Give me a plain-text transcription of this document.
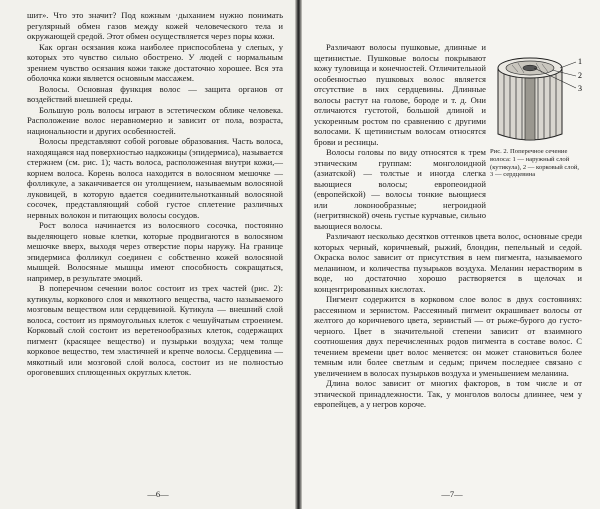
шит». Что это значит? Под кожным ·дыханием нужно понимать регулярный обмен газов между кожей человеческого тела и окружающей средой. Этот обмен осуществляется через поры кожи.

Как орган осязания кожа наиболее приспособлена у слепых, у которых это чувство сильно обострено. У людей с нормальным зрением чувство осязания кожи также достаточно хорошее. Вся эта оболочка кожи является основным массажем.

Волосы. Основная функция волос — защита органов от воздействий внешней среды.

Большую роль волосы играют в эстетическом облике человека. Расположение волос неравномерно и зависит от пола, возраста, национальности и других особенностей.

Волосы представляют собой роговые образования. Часть волоса, находящаяся над поверхностью надкожицы (эпидермиса), называется стержнем (см. рис. 1); часть волоса, расположенная внутри кожи,— корнем волоса. Корень волоса находится в волосяном мешочке — фолликуле, а заканчивается он утолщением, называемым волосяной луковицей, в которую вдается соединительнотканный волосяной сосочек, представляющий собой густое сплетение различных нервных волокон и питающих волосы сосудов.

Рост волоса начинается из волосяного сосочка, постоянно выделяющего новые клетки, которые продвигаются в волосяном мешочке вверх, выходя через отверстие поры наружу. На границе эпидермиса фолликул соединен с собственно кожей волосяной мышцей. Волосяные мышцы имеют способность сокращаться, например, в результате эмоций.

В поперечном сечении волос состоит из трех частей (рис. 2): кутикулы, коркового слоя и мякотного вещества, часто называемого мозговым веществом или сердцевиной. Кутикула — внешний слой волоса, состоит из прямоугольных клеток с чешуйчатым строением. Корковый слой состоит из веретенообразных клеток, содержащих пигмент (красящее вещество) и пузырьки воздуха; чем толще корковое вещество, тем эластичней и крепче волосы. Сердцевина — мякотный или мозговой слой волоса, состоит из не полностью ороговевших сплющенных округлых клеток.

—6—
1
2
3
Рис. 2. Поперечное сечение волоса: 1 — наружный слой (кутикула), 2 — корковый слой, 3 — сердцевина

Различают волосы пушковые, длинные и щетинистые. Пушковые волосы покрывают кожу туловища и конечностей. Отличительной особенностью пушковых волос является отсутствие в них сердцевины. Длинные волосы растут на голове, бороде и т. д. Они отличаются густотой, большой длиной и ускоренным ростом по сравнению с другими волосами. К щетинистым волосам относятся брови и ресницы.

Волосы головы по виду относятся к трем этническим группам: монголоидной (азиатской) — толстые и иногда слегка вьющиеся волосы; европеоидной (европейской) — волосы тонкие вьющиеся или локонообразные; негроидной (негритянской) очень густые курчавые, сильно вьющиеся волосы.

Различают несколько десятков оттенков цвета волос, основные среди которых черный, коричневый, рыжий, блондин, пепельный и седой. Окраска волос зависит от присутствия в нем пигмента, называемого меланином, и количества пузырьков воздуха. Меланин нерастворим в воде, но достаточно хорошо растворяется в щелочах и концентрированных кислотах.

Пигмент содержится в корковом слое волос в двух состояниях: рассеянном и зернистом. Рассеянный пигмент окрашивает волосы от желтого до коричневого цвета, зернистый — от рыже-бурого до густо-черного. Цвет в значительной степени зависит от взаимного соотношения двух перечисленных родов пигмента в составе волос. С течением времени цвет волос меняется: он может становиться более темным или более светлым и седым; причем последнее связано с увеличением в волосах пузырьков воздуха и уменьшением меланина.

Длина волос зависит от многих факторов, в том числе и от этнической принадлежности. Так, у монголов волосы длиннее, чем у европейцев, а у негров короче.

—7—
